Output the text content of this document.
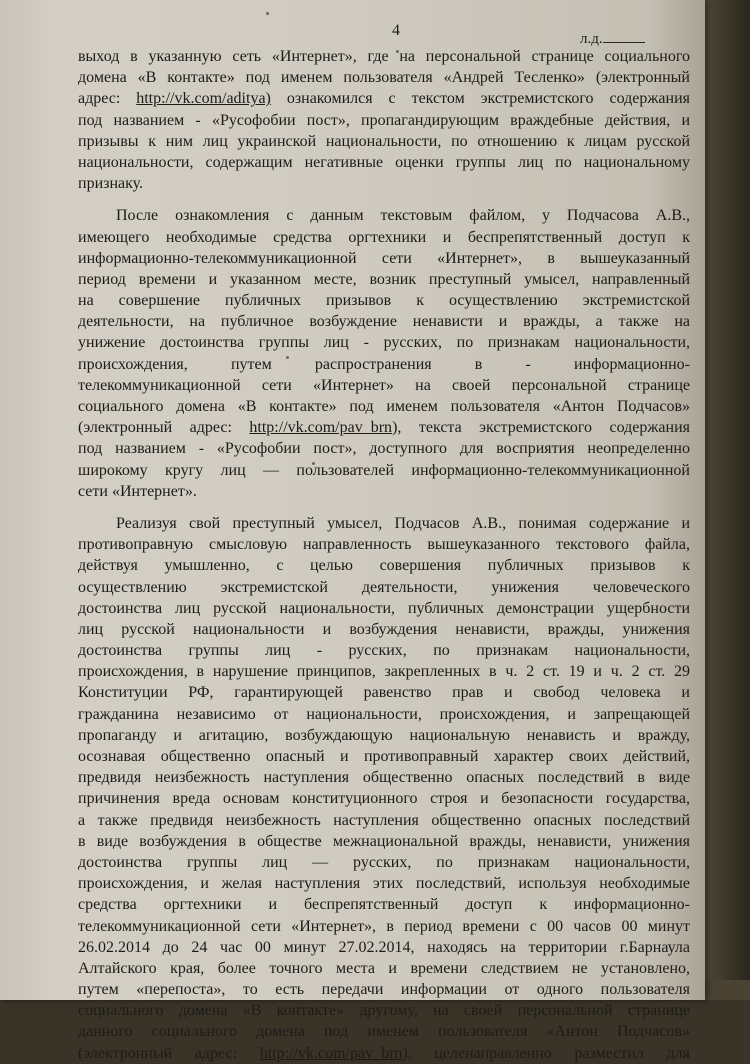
4	л.д.
выход в указанную сеть «Интернет», где на персональной странице социального
домена «В контакте» под именем пользователя «Андрей Тесленко» (электронный
адрес: http://vk.com/aditya) ознакомился с текстом экстремистского содержания
под названием - «Русофобии пост», пропагандирующим враждебные действия, и
призывы к ним лиц украинской национальности, по отношению к лицам русской
национальности, содержащим негативные оценки группы лиц по национальному
признаку.
После ознакомления с данным текстовым файлом, у Подчасова А.В.,
имеющего необходимые средства оргтехники и беспрепятственный доступ к
информационно-телекоммуникационной сети «Интернет», в вышеуказанный
период времени и указанном месте, возник преступный умысел, направленный
на совершение публичных призывов к осуществлению экстремистской
деятельности, на публичное возбуждение ненависти и вражды, а также на
унижение достоинства группы лиц - русских, по признакам национальности,
происхождения, путем распространения в - информационно-
телекоммуникационной сети «Интернет» на своей персональной странице
социального домена «В контакте» под именем пользователя «Антон Подчасов»
(электронный адрес: http://vk.com/pav_brn), текста экстремистского содержания
под названием - «Русофобии пост», доступного для восприятия неопределенно
широкому кругу лиц — пользователей информационно-телекоммуникационной
сети «Интернет».
Реализуя свой преступный умысел, Подчасов А.В., понимая содержание и
противоправную смысловую направленность вышеуказанного текстового файла,
действуя умышленно, с целью совершения публичных призывов к
осуществлению экстремистской деятельности, унижения человеческого
достоинства лиц русской национальности, публичных демонстрации ущербности
лиц русской национальности и возбуждения ненависти, вражды, унижения
достоинства группы лиц - русских, по признакам национальности,
происхождения, в нарушение принципов, закрепленных в ч. 2 ст. 19 и ч. 2 ст. 29
Конституции РФ, гарантирующей равенство прав и свобод человека и
гражданина независимо от национальности, происхождения, и запрещающей
пропаганду и агитацию, возбуждающую национальную ненависть и вражду,
осознавая общественно опасный и противоправный характер своих действий,
предвидя неизбежность наступления общественно опасных последствий в виде
причинения вреда основам конституционного строя и безопасности государства,
а также предвидя неизбежность наступления общественно опасных последствий
в виде возбуждения в обществе межнациональной вражды, ненависти, унижения
достоинства группы лиц — русских, по признакам национальности,
происхождения, и желая наступления этих последствий, используя необходимые
средства оргтехники и беспрепятственный доступ к информационно-
телекоммуникационной сети «Интернет», в период времени с 00 часов 00 минут
26.02.2014 до 24 час 00 минут 27.02.2014, находясь на территории г.Барнаула
Алтайского края, более точного места и времени следствием не установлено,
путем «перепоста», то есть передачи информации от одного пользователя
социального домена «В контакте» другому, на своей персональной странице
данного социального домена под именем пользователя «Антон Подчасов»
(электронный адрес: http://vk.com/pav_brn), целенаправленно разместил для
